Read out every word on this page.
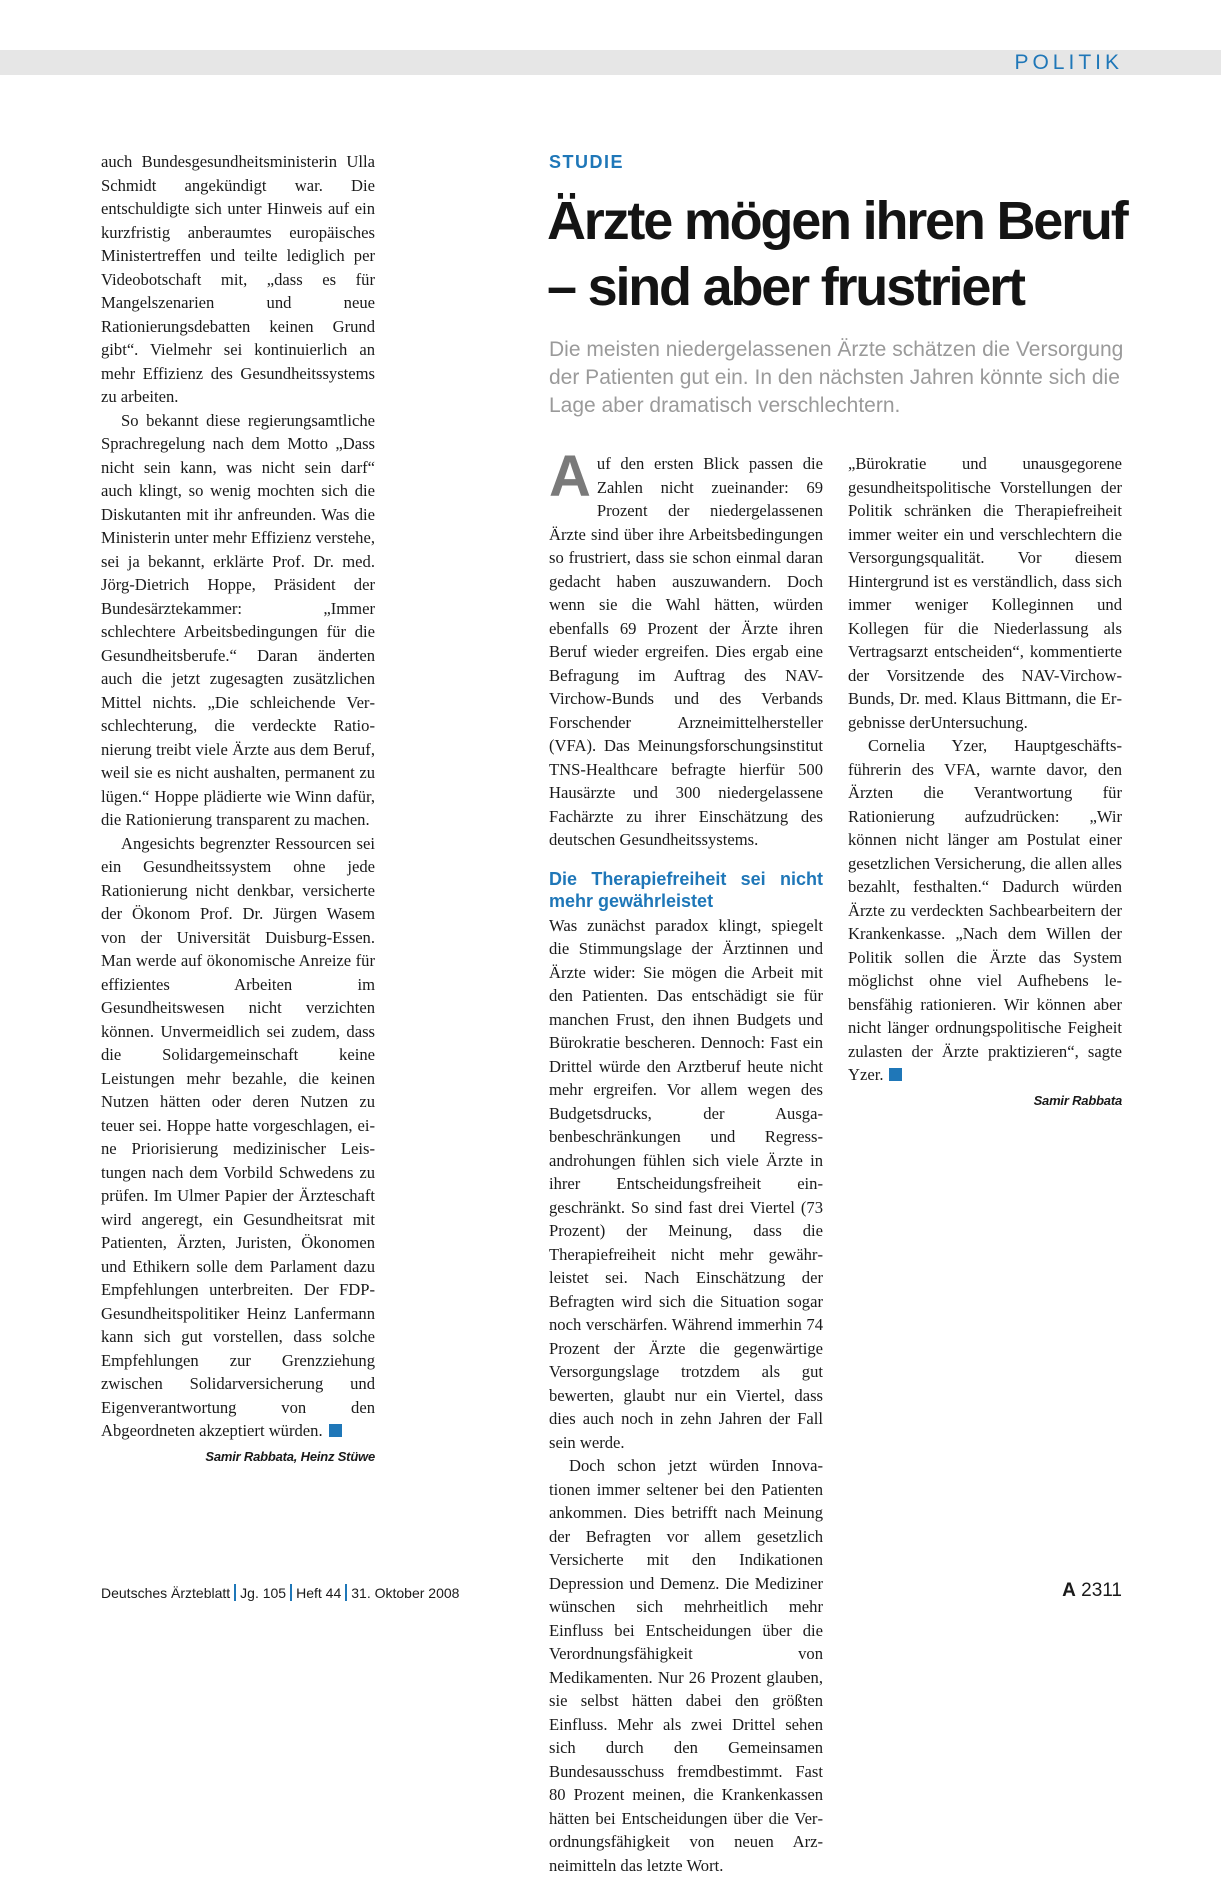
POLITIK

auch Bundesgesundheitsministerin Ulla Schmidt angekündigt war. Die entschuldigte sich unter Hinweis auf ein kurzfristig anberaumtes europäisches Ministertreffen und teilte lediglich per Videobotschaft mit, „dass es für Mangelszenarien und neue Rationierungsdebatten keinen Grund gibt“. Vielmehr sei kontinuierlich an mehr Effizienz des Gesundheitssystems zu arbeiten.

So bekannt diese regierungsamtliche Sprachregelung nach dem Motto „Dass nicht sein kann, was nicht sein darf“ auch klingt, so wenig mochten sich die Diskutanten mit ihr anfreunden. Was die Ministerin unter mehr Effizienz verstehe, sei ja bekannt, erklärte Prof. Dr. med. Jörg-Dietrich Hoppe, Präsident der Bundesärztekammer: „Immer schlechtere Arbeitsbedingungen für die Gesundheitsberufe.“ Daran änderten auch die jetzt zugesagten zusätzlichen Mittel nichts. „Die schleichende Verschlechterung, die verdeckte Rationierung treibt viele Ärzte aus dem Beruf, weil sie es nicht aushalten, permanent zu lügen.“ Hoppe plädierte wie Winn dafür, die Rationierung transparent zu machen.

Angesichts begrenzter Ressourcen sei ein Gesundheitssystem ohne jede Rationierung nicht denkbar, versicherte der Ökonom Prof. Dr. Jürgen Wasem von der Universität Duisburg-Essen. Man werde auf ökonomische Anreize für effizientes Arbeiten im Gesundheitswesen nicht verzichten können. Unvermeidlich sei zudem, dass die Solidargemeinschaft keine Leistungen mehr bezahle, die keinen Nutzen hätten oder deren Nutzen zu teuer sei. Hoppe hatte vorgeschlagen, eine Priorisierung medizinischer Leistungen nach dem Vorbild Schwedens zu prüfen. Im Ulmer Papier der Ärzteschaft wird angeregt, ein Gesundheitsrat mit Patienten, Ärzten, Juristen, Ökonomen und Ethikern solle dem Parlament dazu Empfehlungen unterbreiten. Der FDP-Gesundheitspolitiker Heinz Lanfermann kann sich gut vorstellen, dass solche Empfehlungen zur Grenzziehung zwischen Solidarversicherung und Eigenverantwortung von den Abgeordneten akzeptiert würden.

Samir Rabbata, Heinz Stüwe
STUDIE
Ärzte mögen ihren Beruf
– sind aber frustriert

Die meisten niedergelassenen Ärzte schätzen die Versorgung der Patienten gut ein. In den nächsten Jahren könnte sich die Lage aber dramatisch verschlechtern.

Auf den ersten Blick passen die Zahlen nicht zueinander: 69 Prozent der niedergelassenen Ärzte sind über ihre Arbeitsbedingungen so frustriert, dass sie schon einmal daran gedacht haben auszuwandern. Doch wenn sie die Wahl hätten, würden ebenfalls 69 Prozent der Ärzte ihren Beruf wieder ergreifen. Dies ergab eine Befragung im Auftrag des NAV-Virchow-Bunds und des Verbands Forschender Arzneimittelhersteller (VFA). Das Meinungsforschungsinstitut TNS-Healthcare befragte hierfür 500 Hausärzte und 300 niedergelassene Fachärzte zu ihrer Einschätzung des deutschen Gesundheitssystems.

Die Therapiefreiheit sei nicht mehr gewährleistet

Was zunächst paradox klingt, spiegelt die Stimmungslage der Ärztinnen und Ärzte wider: Sie mögen die Arbeit mit den Patienten. Das entschädigt sie für manchen Frust, den ihnen Budgets und Bürokratie bescheren. Dennoch: Fast ein Drittel würde den Arztberuf heute nicht mehr ergreifen. Vor allem wegen des Budgetsdrucks, der Ausgabenbeschränkungen und Regressandrohungen fühlen sich viele Ärzte in ihrer Entscheidungsfreiheit eingeschränkt. So sind fast drei Viertel (73 Prozent) der Meinung, dass die Therapiefreiheit nicht mehr gewährleistet sei. Nach Einschätzung der Befragten wird sich die Situation sogar noch verschärfen. Während immerhin 74 Prozent der Ärzte die gegenwärtige Versorgungslage trotzdem als gut bewerten, glaubt nur ein Viertel, dass dies auch noch in zehn Jahren der Fall sein werde.

Doch schon jetzt würden Innovationen immer seltener bei den Patienten ankommen. Dies betrifft nach Meinung der Befragten vor allem gesetzlich Versicherte mit den Indikationen Depression und Demenz. Die Mediziner wünschen sich mehrheitlich mehr Einfluss bei Entscheidungen über die Verordnungsfähigkeit von Medikamenten. Nur 26 Prozent glauben, sie selbst hätten dabei den größten Einfluss. Mehr als zwei Drittel sehen sich durch den Gemeinsamen Bundesausschuss fremdbestimmt. Fast 80 Prozent meinen, die Krankenkassen hätten bei Entscheidungen über die Verordnungsfähigkeit von neuen Arzneimitteln das letzte Wort.

„Bürokratie und unausgegorene gesundheitspolitische Vorstellungen der Politik schränken die Therapiefreiheit immer weiter ein und verschlechtern die Versorgungsqualität. Vor diesem Hintergrund ist es verständlich, dass sich immer weniger Kolleginnen und Kollegen für die Niederlassung als Vertragsarzt entscheiden“, kommentierte der Vorsitzende des NAV-Virchow-Bunds, Dr. med. Klaus Bittmann, die Ergebnisse derUntersuchung.

Cornelia Yzer, Hauptgeschäftsführerin des VFA, warnte davor, den Ärzten die Verantwortung für Rationierung aufzudrücken: „Wir können nicht länger am Postulat einer gesetzlichen Versicherung, die allen alles bezahlt, festhalten.“ Dadurch würden Ärzte zu verdeckten Sachbearbeitern der Krankenkasse. „Nach dem Willen der Politik sollen die Ärzte das System möglichst ohne viel Aufhebens lebensfähig rationieren. Wir können aber nicht länger ordnungspolitische Feigheit zulasten der Ärzte praktizieren“, sagte Yzer.

Samir Rabbata
Deutsches Ärzteblatt Jg. 105 Heft 44 31. Oktober 2008	A 2311
